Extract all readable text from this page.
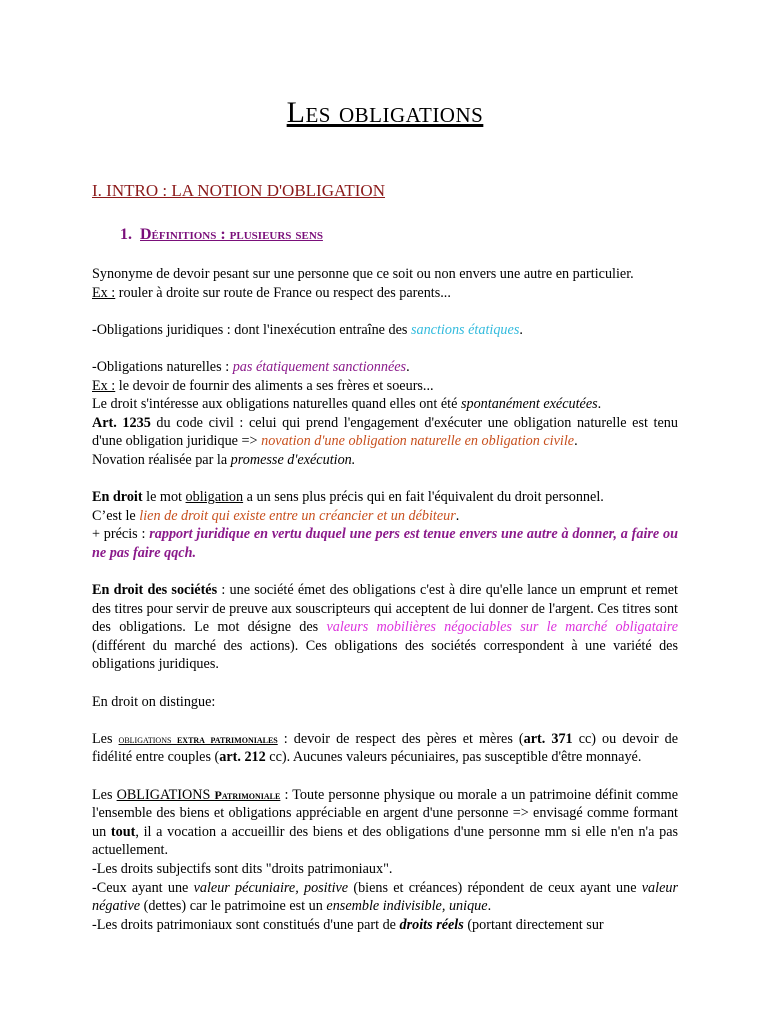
Les obligations
I. INTRO : LA NOTION D'OBLIGATION
1. Définitions : plusieurs sens

Synonyme de devoir pesant sur une personne que ce soit ou non envers une autre en particulier.
Ex : rouler à droite sur route de France ou respect des parents...

-Obligations juridiques : dont l'inexécution entraîne des sanctions étatiques.

-Obligations naturelles : pas étatiquement sanctionnées.
Ex : le devoir de fournir des aliments a ses frères et soeurs...
Le droit s'intéresse aux obligations naturelles quand elles ont été spontanément exécutées.
Art. 1235 du code civil : celui qui prend l'engagement d'exécuter une obligation naturelle est tenu d'une obligation juridique => novation d'une obligation naturelle en obligation civile.
Novation réalisée par la promesse d'exécution.

En droit le mot obligation a un sens plus précis qui en fait l'équivalent du droit personnel.
C’est le lien de droit qui existe entre un créancier et un débiteur.
+ précis : rapport juridique en vertu duquel une pers est tenue envers une autre à donner, a faire ou ne pas faire qqch.

En droit des sociétés : une société émet des obligations c'est à dire qu'elle lance un emprunt et remet des titres pour servir de preuve aux souscripteurs qui acceptent de lui donner de l'argent. Ces titres sont des obligations. Le mot désigne des valeurs mobilières négociables sur le marché obligataire (différent du marché des actions). Ces obligations des sociétés correspondent à une variété des obligations juridiques.

En droit on distingue:

Les obligations extra patrimoniales : devoir de respect des pères et mères (art. 371 cc) ou devoir de fidélité entre couples (art. 212 cc). Aucunes valeurs pécuniaires, pas susceptible d'être monnayé.

Les OBLIGATIONS Patrimoniale : Toute personne physique ou morale a un patrimoine définit comme l'ensemble des biens et obligations appréciable en argent d'une personne => envisagé comme formant un tout, il a vocation a accueillir des biens et des obligations d'une personne mm si elle n'en n'a pas actuellement.
-Les droits subjectifs sont dits "droits patrimoniaux".
-Ceux ayant une valeur pécuniaire, positive (biens et créances) répondent de ceux ayant une valeur négative (dettes) car le patrimoine est un ensemble indivisible, unique.
-Les droits patrimoniaux sont constitués d'une part de droits réels (portant directement sur
